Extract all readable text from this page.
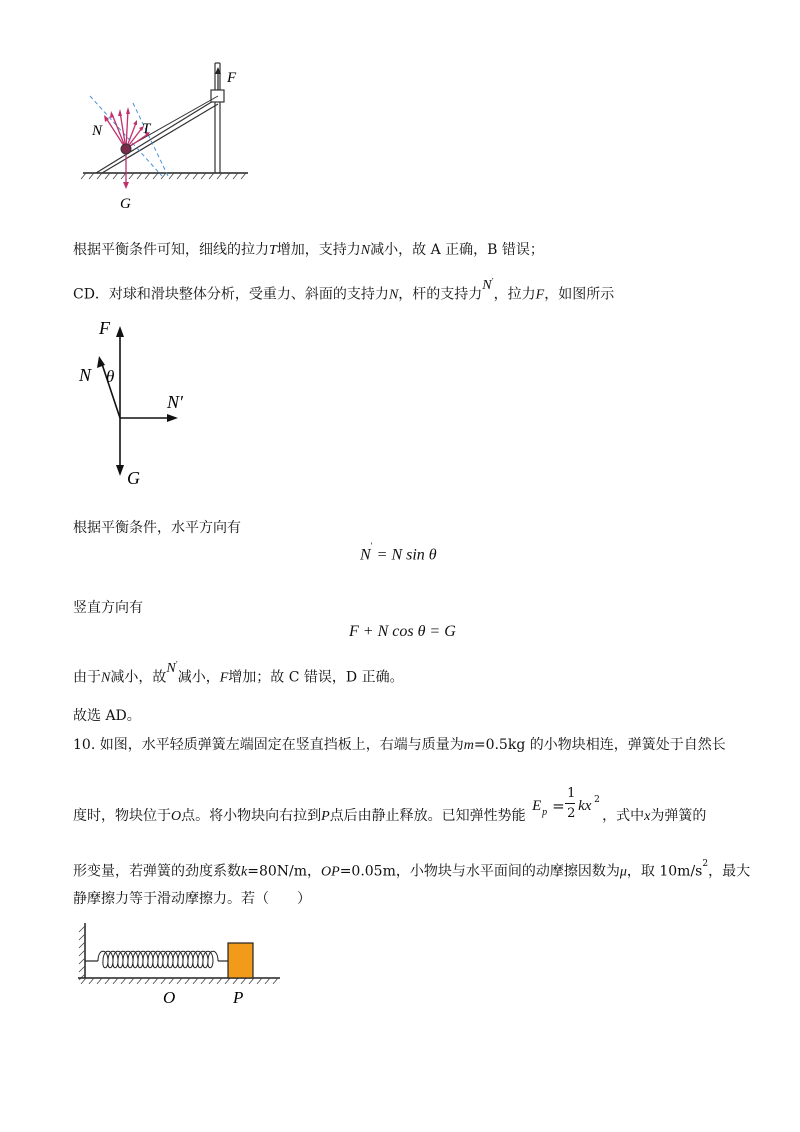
F
N	T
G
根据平衡条件可知，细线的拉力T增加，支持力N减小，故 A 正确，B 错误；
CD．对球和滑块整体分析，受重力、斜面的支持力N，杆的支持力N′，拉力F，如图所示
F
N θ
N′
G
根据平衡条件，水平方向有
N′ = N sin θ
竖直方向有
F + N cos θ = G
由于N减小，故N′减小，F增加；故 C 错误，D 正确。
故选 AD。
10. 如图，水平轻质弹簧左端固定在竖直挡板上，右端与质量为m=0.5kg 的小物块相连，弹簧处于自然长
度时，物块位于O点。将小物块向右拉到P点后由静止释放。已知弹性势能
E p =
1
2 kx 2
，式中x为弹簧的
形变量，若弹簧的劲度系数k=80N/m，OP=0.05m，小物块与水平面间的动摩擦因数为μ，取 $10m/s^2$，最大
静摩擦力等于滑动摩擦力。若（　　）
O	P
